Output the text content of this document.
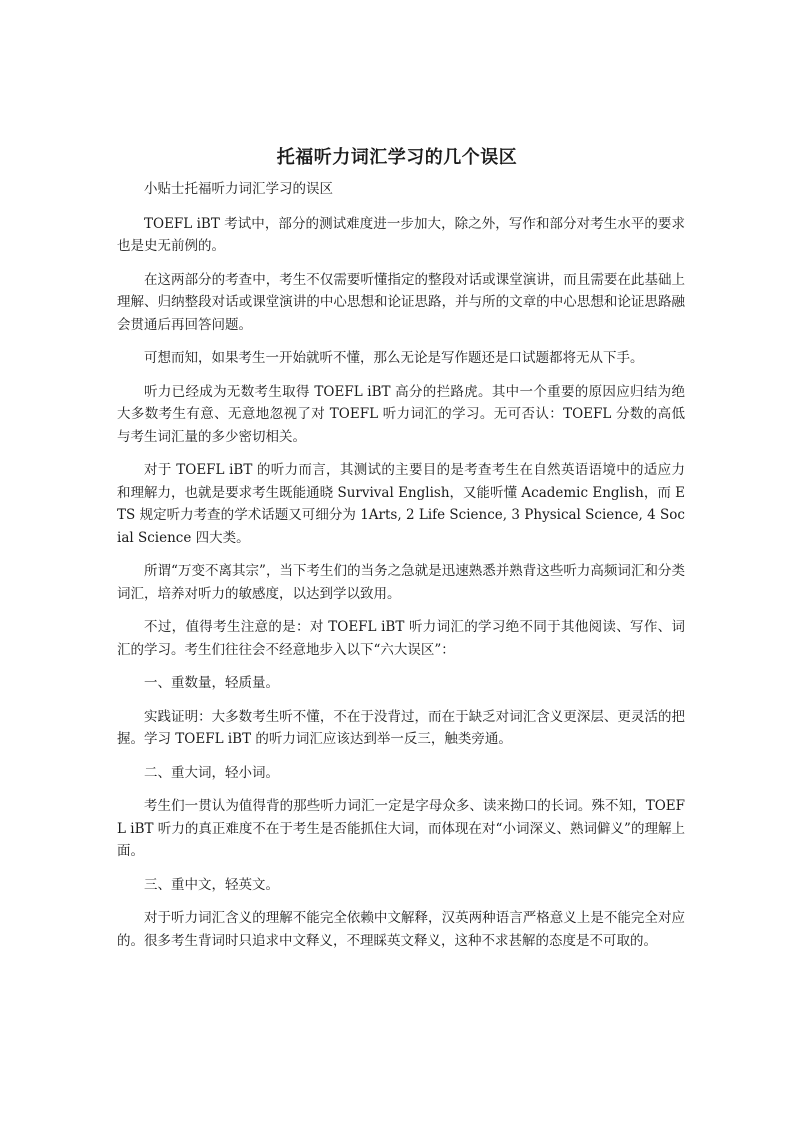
托福听力词汇学习的几个误区

小贴士托福听力词汇学习的误区

TOEFL iBT 考试中，部分的测试难度进一步加大，除之外，写作和部分对考生水平的要求也是史无前例的。

在这两部分的考查中，考生不仅需要听懂指定的整段对话或课堂演讲，而且需要在此基础上理解、归纳整段对话或课堂演讲的中心思想和论证思路，并与所的文章的中心思想和论证思路融会贯通后再回答问题。

可想而知，如果考生一开始就听不懂，那么无论是写作题还是口试题都将无从下手。

听力已经成为无数考生取得 TOEFL iBT 高分的拦路虎。其中一个重要的原因应归结为绝大多数考生有意、无意地忽视了对 TOEFL 听力词汇的学习。无可否认：TOEFL 分数的高低与考生词汇量的多少密切相关。

对于 TOEFL iBT 的听力而言，其测试的主要目的是考查考生在自然英语语境中的适应力和理解力，也就是要求考生既能通晓 Survival English，又能听懂 Academic English，而 ETS 规定听力考查的学术话题又可细分为 1Arts, 2 Life Science, 3 Physical Science, 4 Social Science 四大类。

所谓“万变不离其宗”，当下考生们的当务之急就是迅速熟悉并熟背这些听力高频词汇和分类词汇，培养对听力的敏感度，以达到学以致用。

不过，值得考生注意的是：对 TOEFL iBT 听力词汇的学习绝不同于其他阅读、写作、词汇的学习。考生们往往会不经意地步入以下“六大误区”：

一、重数量，轻质量。

实践证明：大多数考生听不懂，不在于没背过，而在于缺乏对词汇含义更深层、更灵活的把握。学习 TOEFL iBT 的听力词汇应该达到举一反三，触类旁通。

二、重大词，轻小词。

考生们一贯认为值得背的那些听力词汇一定是字母众多、读来拗口的长词。殊不知，TOEFL iBT 听力的真正难度不在于考生是否能抓住大词，而体现在对“小词深义、熟词僻义”的理解上面。

三、重中文，轻英文。

对于听力词汇含义的理解不能完全依赖中文解释，汉英两种语言严格意义上是不能完全对应的。很多考生背词时只追求中文释义，不理睬英文释义，这种不求甚解的态度是不可取的。
